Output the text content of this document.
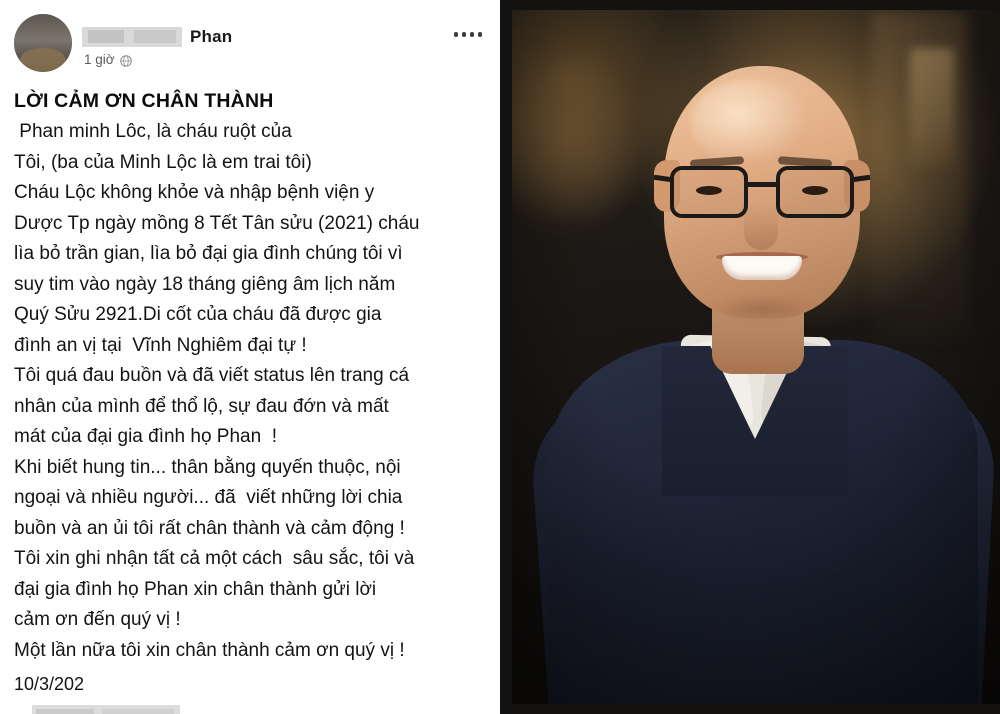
Phan
1 giờ
LỜI CẢM ƠN CHÂN THÀNH
Phan minh Lôc, là cháu ruột của
Tôi, (ba của Minh Lộc là em trai tôi)
Cháu Lộc không khỏe và nhập bệnh viện y
Dược Tp ngày mồng 8 Tết Tân sửu (2021) cháu
lìa bỏ trần gian, lìa bỏ đại gia đình chúng tôi vì
suy tim vào ngày 18 tháng giêng âm lịch năm
Quý Sửu 2921.Di cốt của cháu đã được gia
đình an vị tại  Vĩnh Nghiêm đại tự !
Tôi quá đau buồn và đã viết status lên trang cá
nhân của mình để thổ lộ, sự đau đớn và mất
mát của đại gia đình họ Phan  !
Khi biết hung tin... thân bằng quyến thuộc, nội
ngoại và nhiều người... đã  viết những lời chia
buồn và an ủi tôi rất chân thành và cảm động !
Tôi xin ghi nhận tất cả một cách  sâu sắc, tôi và
đại gia đình họ Phan xin chân thành gửi lời
cảm ơn đến quý vị !
Một lần nữa tôi xin chân thành cảm ơn quý vị !
10/3/202
